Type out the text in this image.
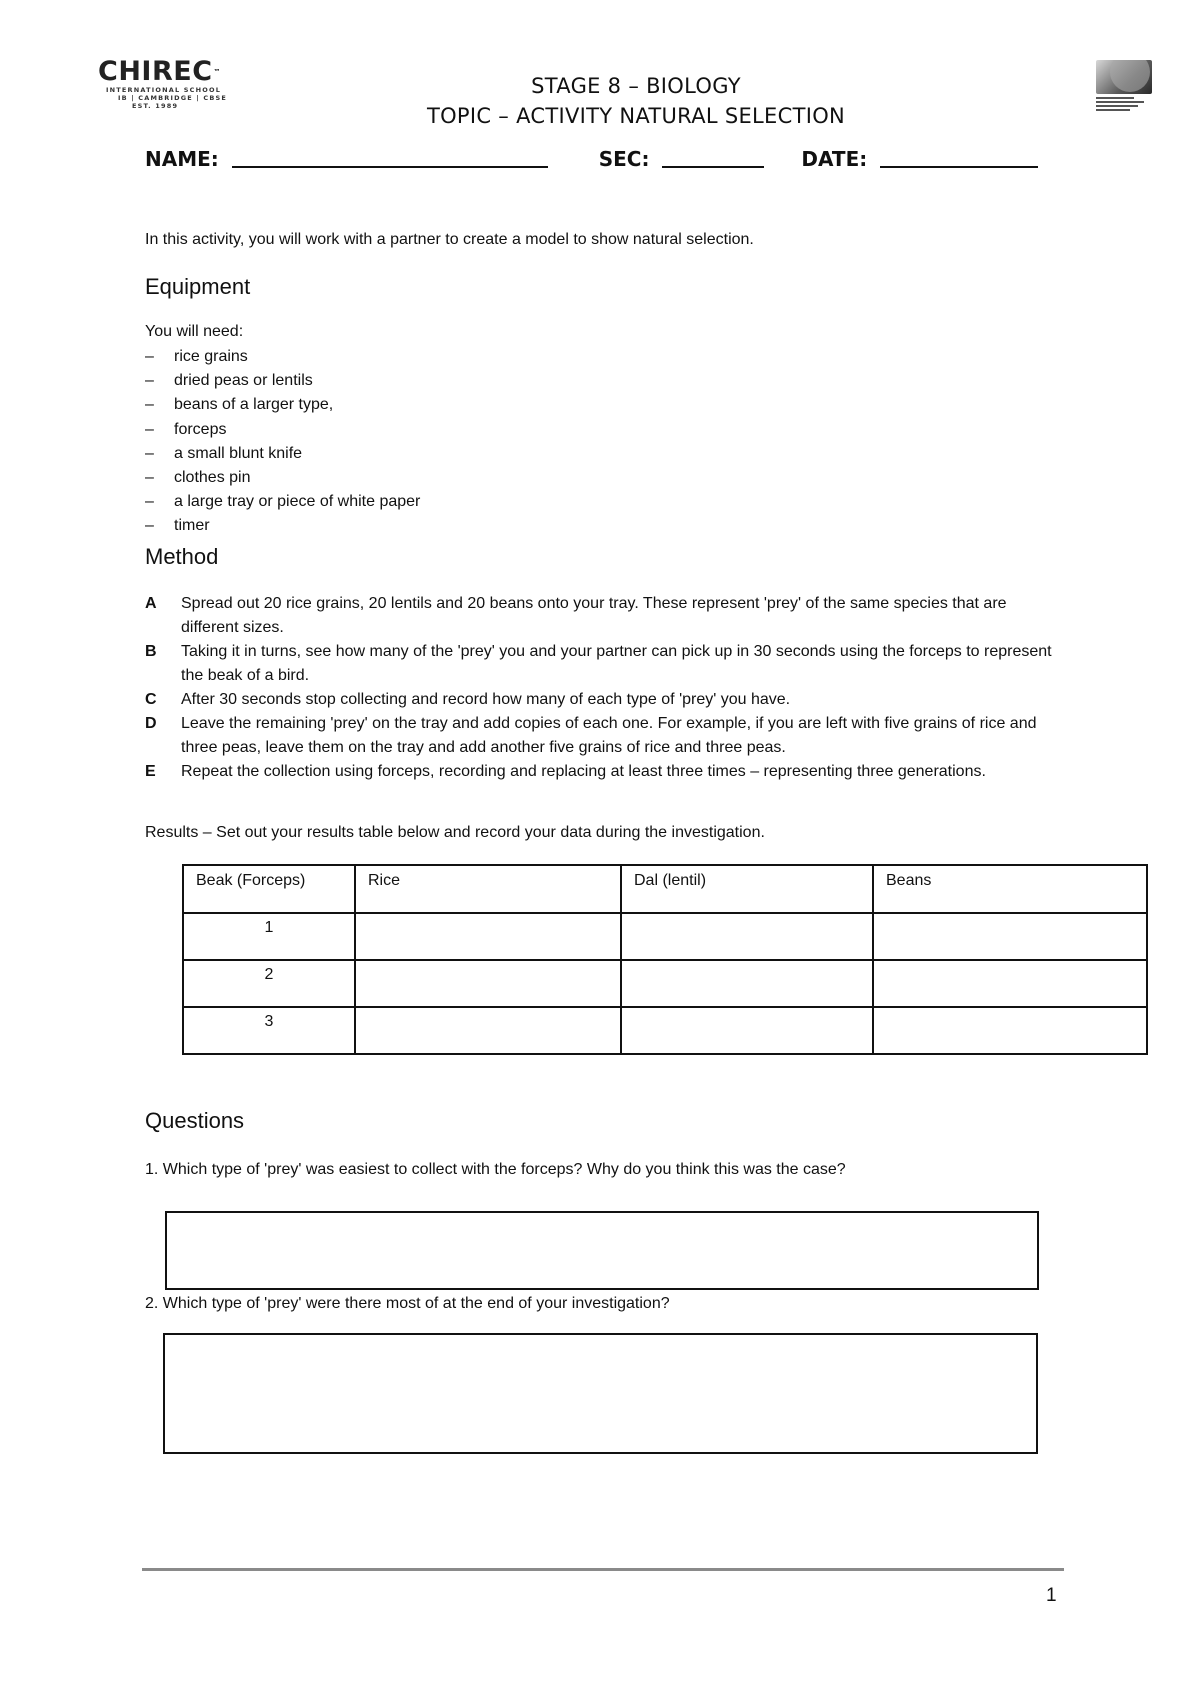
CHIREC™
INTERNATIONAL SCHOOL
IB | CAMBRIDGE | CBSE
EST. 1989
STAGE 8 – BIOLOGY
TOPIC – ACTIVITY NATURAL SELECTION
NAME:	SEC:	DATE:
In this activity, you will work with a partner to create a model to show natural selection.
Equipment
You will need:
– rice grains
– dried peas or lentils
– beans of a larger type,
– forceps
– a small blunt knife
– clothes pin
– a large tray or piece of white paper
– timer
Method
A	Spread out 20 rice grains, 20 lentils and 20 beans onto your tray. These represent 'prey' of the same species that are different sizes.
B	Taking it in turns, see how many of the 'prey' you and your partner can pick up in 30 seconds using the forceps to represent the beak of a bird.
C	After 30 seconds stop collecting and record how many of each type of 'prey' you have.
D	Leave the remaining 'prey' on the tray and add copies of each one. For example, if you are left with five grains of rice and three peas, leave them on the tray and add another five grains of rice and three peas.
E	Repeat the collection using forceps, recording and replacing at least three times – representing three generations.
Results – Set out your results table below and record your data during the investigation.
Beak (Forceps)	Rice	Dal (lentil)	Beans
1			
2			
3			
Questions
1. Which type of 'prey' was easiest to collect with the forceps? Why do you think this was the case?
2. Which type of 'prey' were there most of at the end of your investigation?
1
